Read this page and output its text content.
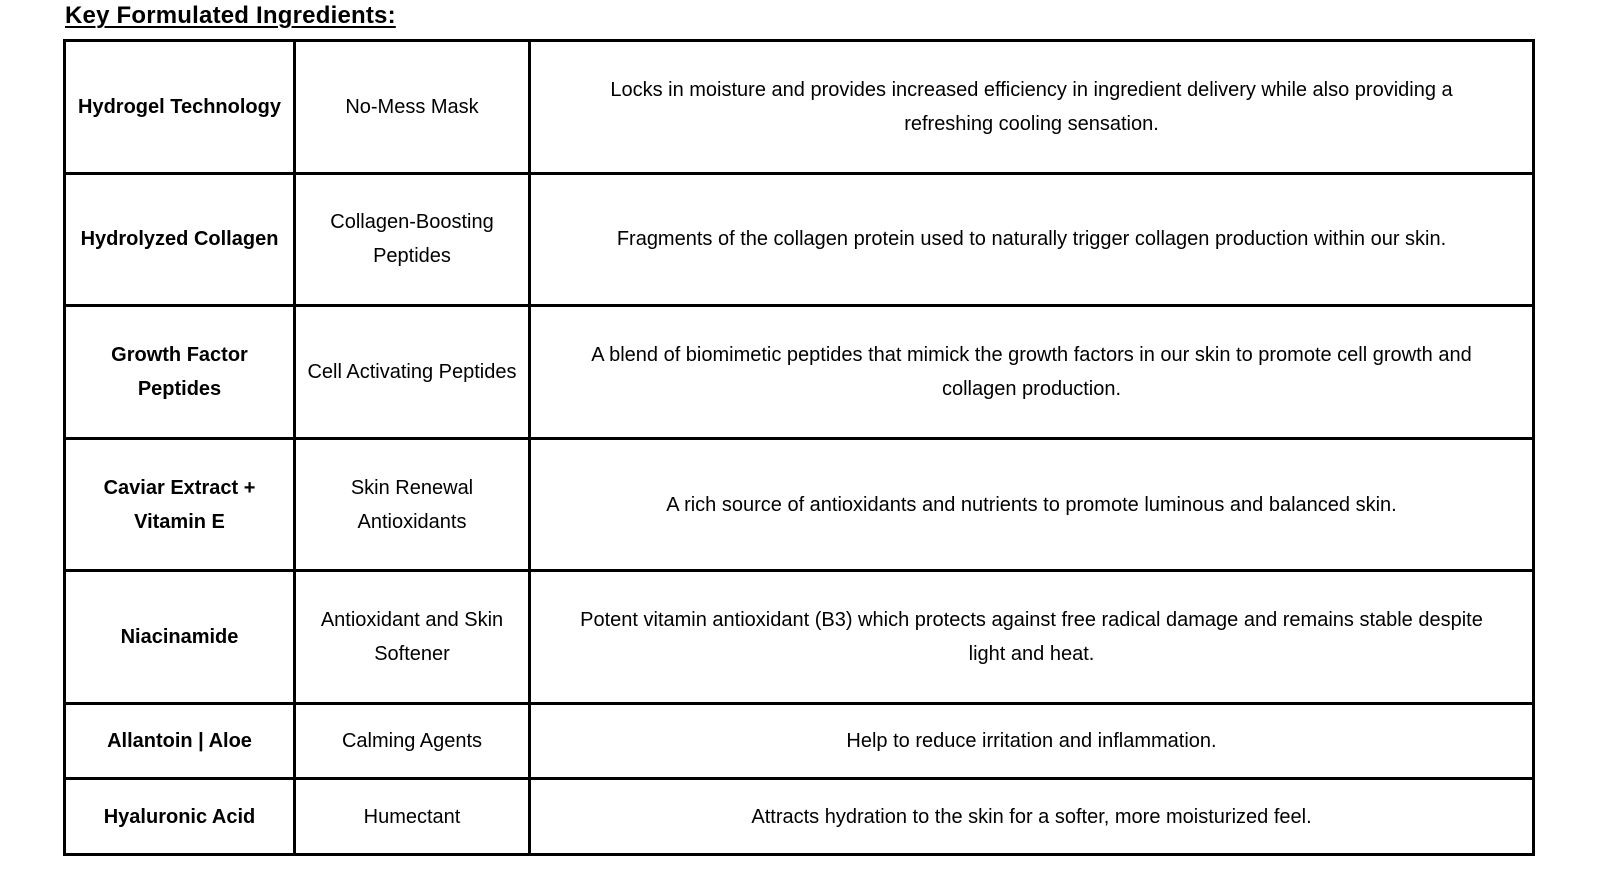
Key Formulated Ingredients:
Hydrogel Technology	No-Mess Mask	Locks in moisture and provides increased efficiency in ingredient delivery while also providing a refreshing cooling sensation.
Hydrolyzed Collagen	Collagen-Boosting Peptides	Fragments of the collagen protein used to naturally trigger collagen production within our skin.
Growth Factor Peptides	Cell Activating Peptides	A blend of biomimetic peptides that mimick the growth factors in our skin to promote cell growth and collagen production.
Caviar Extract + Vitamin E	Skin Renewal Antioxidants	A rich source of antioxidants and nutrients to promote luminous and balanced skin.
Niacinamide	Antioxidant and Skin Softener	Potent vitamin antioxidant (B3) which protects against free radical damage and remains stable despite light and heat.
Allantoin | Aloe	Calming Agents	Help to reduce irritation and inflammation.
Hyaluronic Acid	Humectant	Attracts hydration to the skin for a softer, more moisturized feel.
